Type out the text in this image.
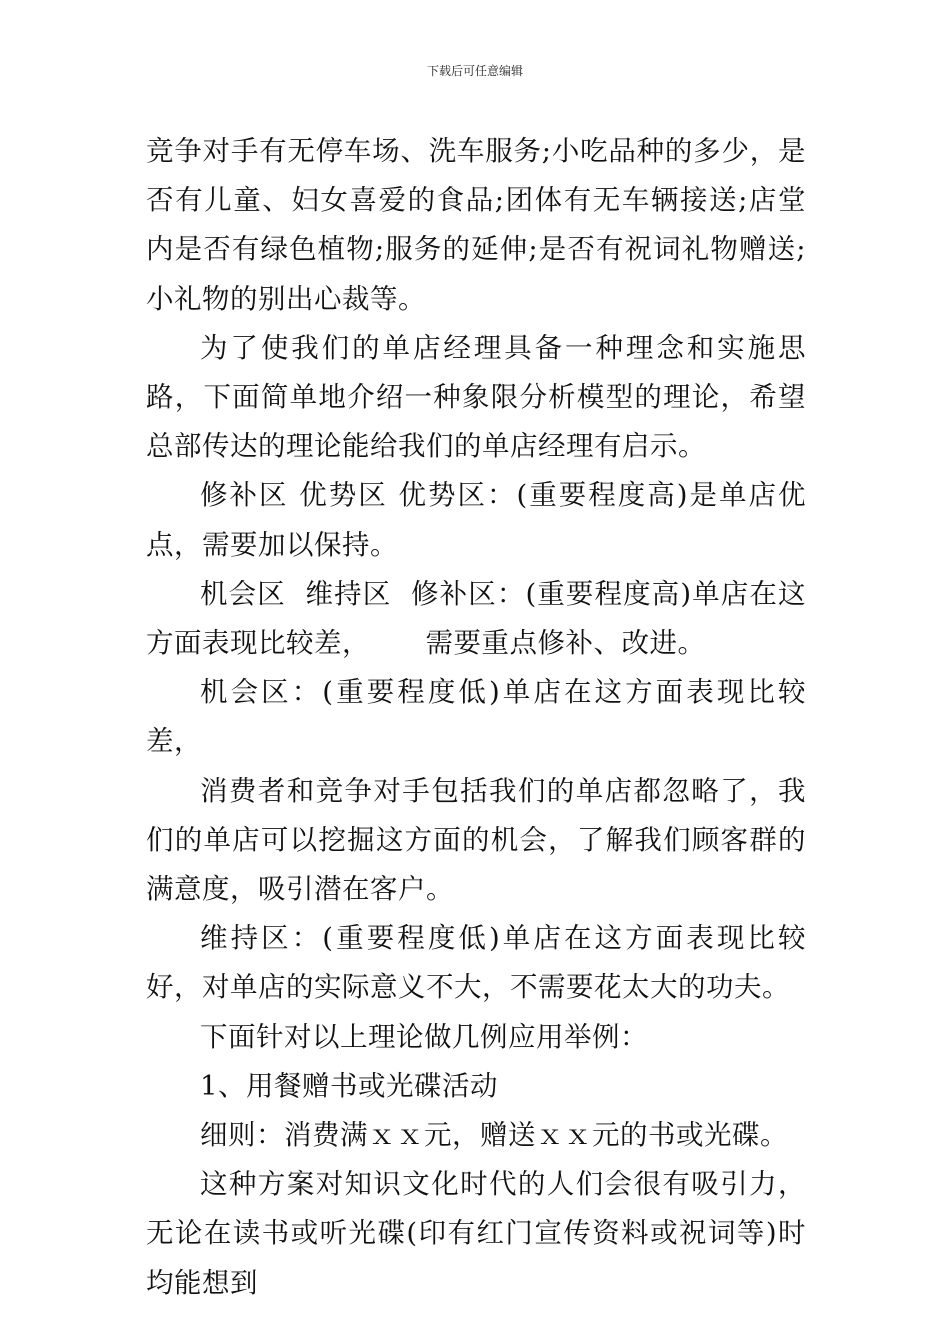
下载后可任意编辑

竞争对手有无停车场、洗车服务;小吃品种的多少，是否有儿童、妇女喜爱的食品;团体有无车辆接送;店堂内是否有绿色植物;服务的延伸;是否有祝词礼物赠送;小礼物的别出心裁等。

为了使我们的单店经理具备一种理念和实施思路，下面简单地介绍一种象限分析模型的理论，希望总部传达的理论能给我们的单店经理有启示。

修补区 优势区 优势区：(重要程度高)是单店优点，需要加以保持。

机会区  维持区  修补区：(重要程度高)单店在这方面表现比较差，      需要重点修补、改进。

机会区：(重要程度低)单店在这方面表现比较差，

消费者和竞争对手包括我们的单店都忽略了，我们的单店可以挖掘这方面的机会，了解我们顾客群的满意度，吸引潜在客户。

维持区：(重要程度低)单店在这方面表现比较好，对单店的实际意义不大，不需要花太大的功夫。

下面针对以上理论做几例应用举例：

1、用餐赠书或光碟活动

细则：消费满ｘｘ元，赠送ｘｘ元的书或光碟。

这种方案对知识文化时代的人们会很有吸引力，无论在读书或听光碟(印有红门宣传资料或祝词等)时均能想到
